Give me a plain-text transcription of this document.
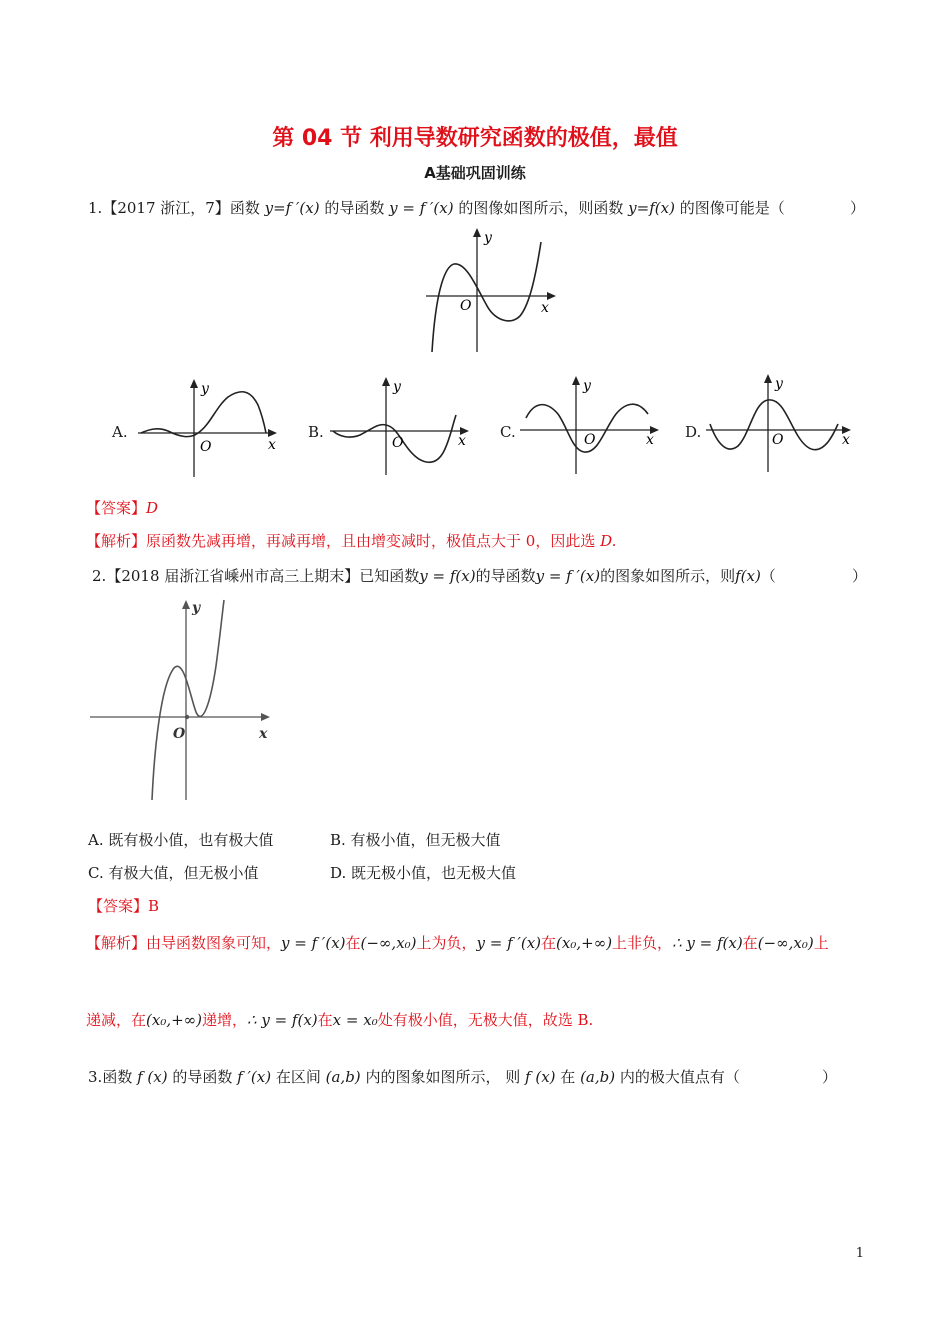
第 04 节 利用导数研究函数的极值，最值
A基础巩固训练
1.【2017 浙江，7】函数 y=f ′(x) 的导函数 y = f ′(x) 的图像如图所示，则函数 y=f(x) 的图像可能是（	）
y
x
O
A.
y
x
O
B.
y
x
O
C.
y
x
O	D.
y
x
O
【答案】D
【解析】原函数先减再增，再减再增，且由增变减时，极值点大于 0，因此选 D.
2.【2018 届浙江省嵊州市高三上期末】已知函数y = f(x)的导函数y = f ′(x)的图象如图所示，则f(x)（	）
y
x
O
A. 既有极小值，也有极大值	B. 有极小值，但无极大值
C. 有极大值，但无极小值	D. 既无极小值，也无极大值
【答案】B
【解析】由导函数图象可知，y = f ′(x)在(−∞,x₀)上为负，y = f ′(x)在(x₀,+∞)上非负，∴ y = f(x)在(−∞,x₀)上
递减，在(x₀,+∞)递增，∴ y = f(x)在x = x₀处有极小值，无极大值，故选 B.
3.函数 f (x) 的导函数 f ′(x) 在区间 (a,b) 内的图象如图所示， 则 f (x) 在 (a,b) 内的极大值点有（	）
1
